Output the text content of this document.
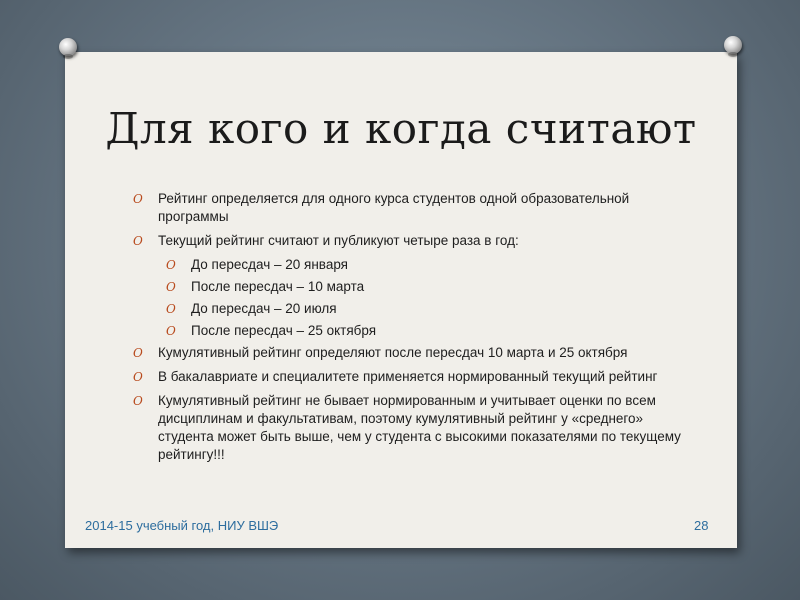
Для кого и когда считают
O Рейтинг определяется для одного курса студентов одной образовательной программы
O Текущий рейтинг считают и публикуют четыре раза в год:
O До пересдач – 20 января
O После пересдач – 10 марта
O До пересдач – 20 июля
O После пересдач – 25 октября
O Кумулятивный рейтинг определяют после пересдач 10 марта и 25 октября
O В бакалавриате и специалитете применяется нормированный текущий рейтинг
O Кумулятивный рейтинг не бывает нормированным и учитывает оценки по всем дисциплинам и факультативам, поэтому кумулятивный рейтинг у «среднего» студента может быть выше, чем у студента с высокими показателями по текущему рейтингу!!!
2014-15 учебный год, НИУ ВШЭ	28
